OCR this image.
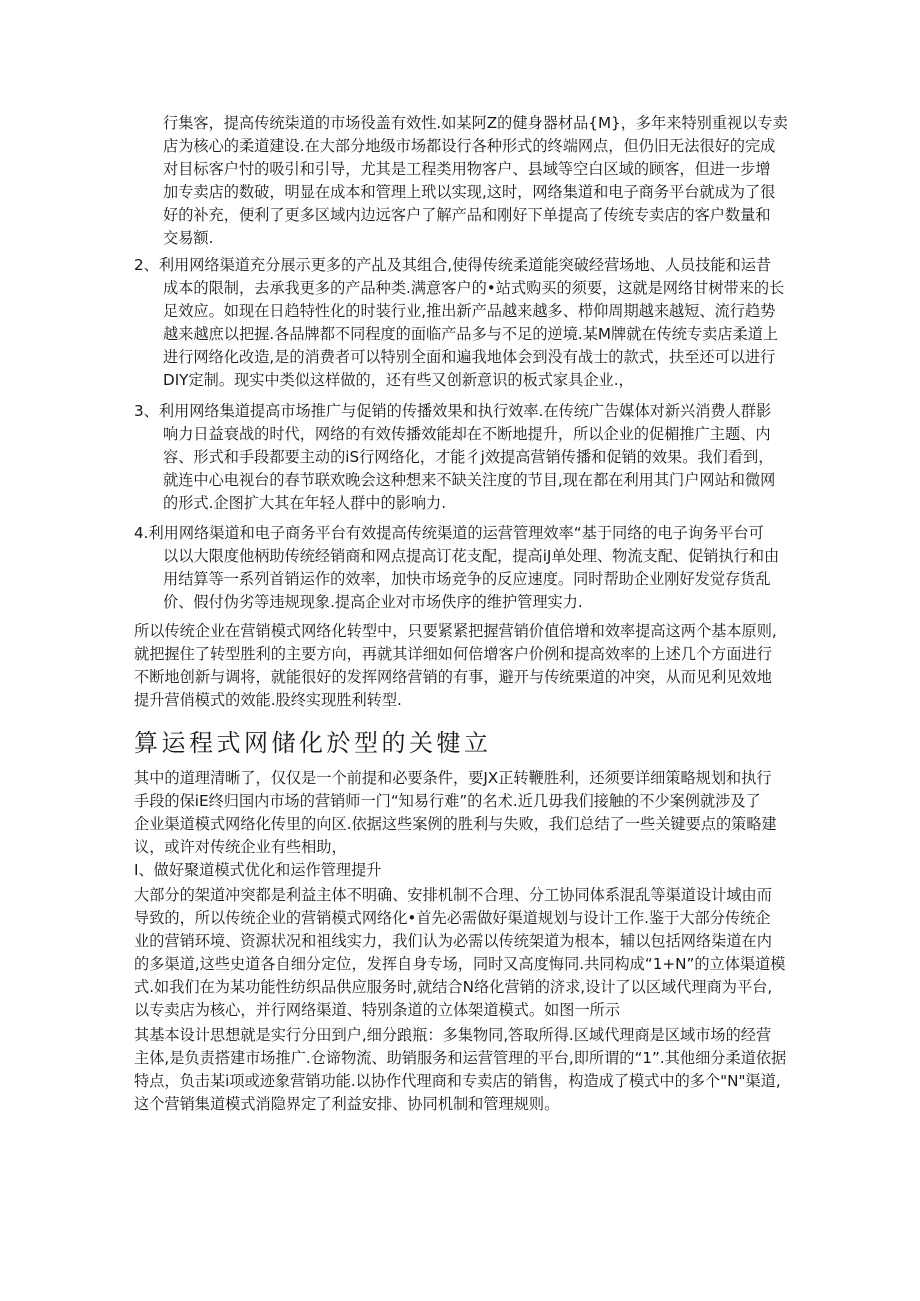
行集客，提高传统柒道的市场役盖有效性.如某阿Z的健身器材品{M}，多年来特别重视以专卖
店为核心的柔道建设.在大部分地级市场都设行各种形式的终端网点，但仍旧无法很好的完成
对目标客户忖的吸引和引导，尤其是工程类用物客户、县域等空白区域的顾客，但进一步增
加专卖店的数破，明显在成本和管理上玳以实现,这时，网络集道和电子商务平台就成为了很
好的补充，便利了更多区域内边远客户了解产品和刚好下单提高了传统专卖店的客户数量和
交易额.
2、利用网络渠道充分展示更多的产乩及其组合,使得传统柔道能突破经营场地、人员技能和运昔
成本的限制，去承我更多的产品种类.满意客户的•站式购买的须要，这就是网络甘树带来的长
足效应。如现在日趋特性化的时装行业,推出新产品越来越多、栉仰周期越来越短、流行趋势
越来越庶以把握.各品牌都不同程度的面临产品多与不足的逆境.某M牌就在传统专卖店柔道上
进行网络化改造,是的消费者可以特别全面和遍我地体会到没有战士的款式，扶至还可以进行
DIY定制。现实中类似这样做的，还有些又创新意识的板式家具企业.，
3、利用网络集道提高市场推广与促销的传播效果和执行效率.在传统广告媒体对新兴消费人群影
响力日益衰战的时代，网络的有效传播效能却在不断地提升，所以企业的促楣推广主题、内
容、形式和手段都要主动的iS行网络化，才能彳j效提高营销传播和促销的效果。我们看到，
就连中心电视台的春节联欢晚会这种想来不缺关注度的节目,现在都在利用其门户网站和微网
的形式.企图扩大其在年轻人群中的影响力.
4.利用网络渠道和电子商务平台有效提高传统渠道的运营管理效率“基于同络的电子询务平台可
以以大限度他柄助传统经销商和网点提高订花支配，提高iJ单处理、物流支配、促销执行和由
用结算等一系列首销运作的效率，加快市场竞争的反应速度。同时帮助企业刚好发觉存货乱
价、假付伪劣等违规现象.提高企业对市场佚序的维护管理实力.
所以传统企业在营销模式网络化转型中，只要紧紧把握营销价值倍增和效率提高这两个基本原则,
就把握住了转型胜利的主要方向，再就其详细如何倍增客户价例和提高效率的上述几个方面进行
不断地创新与调将，就能很好的发挥网络营销的有事，避开与传统栗道的冲突，从而见利见效地
提升营俏模式的效能.股终实现胜利转型.
算运程式网储化於型的关犍立
其中的道理清晰了，仅仅是一个前提和必要条件，要JX正转鞭胜利，还须要详细策略规划和执行
手段的保iE终归国内市场的营销师一门“知易行难”的名术.近几毋我们接触的不少案例就涉及了
企业渠道模式网络化传里的向区.依据这些案例的胜利与失败，我们总结了一些关键要点的策略建
议，或许对传统企业有些相助，
I、做好聚道模式优化和运作管理提升
大部分的架道冲突都是利益主体不明确、安排机制不合理、分工协同体系混乱等渠道设计域由而
导致的，所以传统企业的营销模式网络化•首先必需做好渠道规划与设计工作.鉴于大部分传统企
业的营销环境、资源状况和祖线实力，我们认为必需以传统架道为根本，辅以包括网络柒道在内
的多渠道,这些史道各自细分定位，发挥自身专场，同时又高度悔同.共同构成“1+N”的立体渠道模
式.如我们在为某功能性纺织品供应服务时,就结合N络化营销的济求,设计了以区域代理商为平台,
以专卖店为核心，并行网络渠道、特别条道的立体架道模式。如图一所示
其基本设计思想就是实行分田到户,细分踉瓶：多集物同,答取所得.区域代理商是区域市场的经营
主体,是负责搭建市场推广.仓谛物流、助销服务和运营管理的平台,即所谓的“1”.其他细分柔道依据
特点，负击某i项或迹象营销功能.以协作代理商和专卖店的销售，构造成了模式中的多个"N"渠道,
这个营销集道模式消隐界定了利益安排、协同机制和管理规则。
